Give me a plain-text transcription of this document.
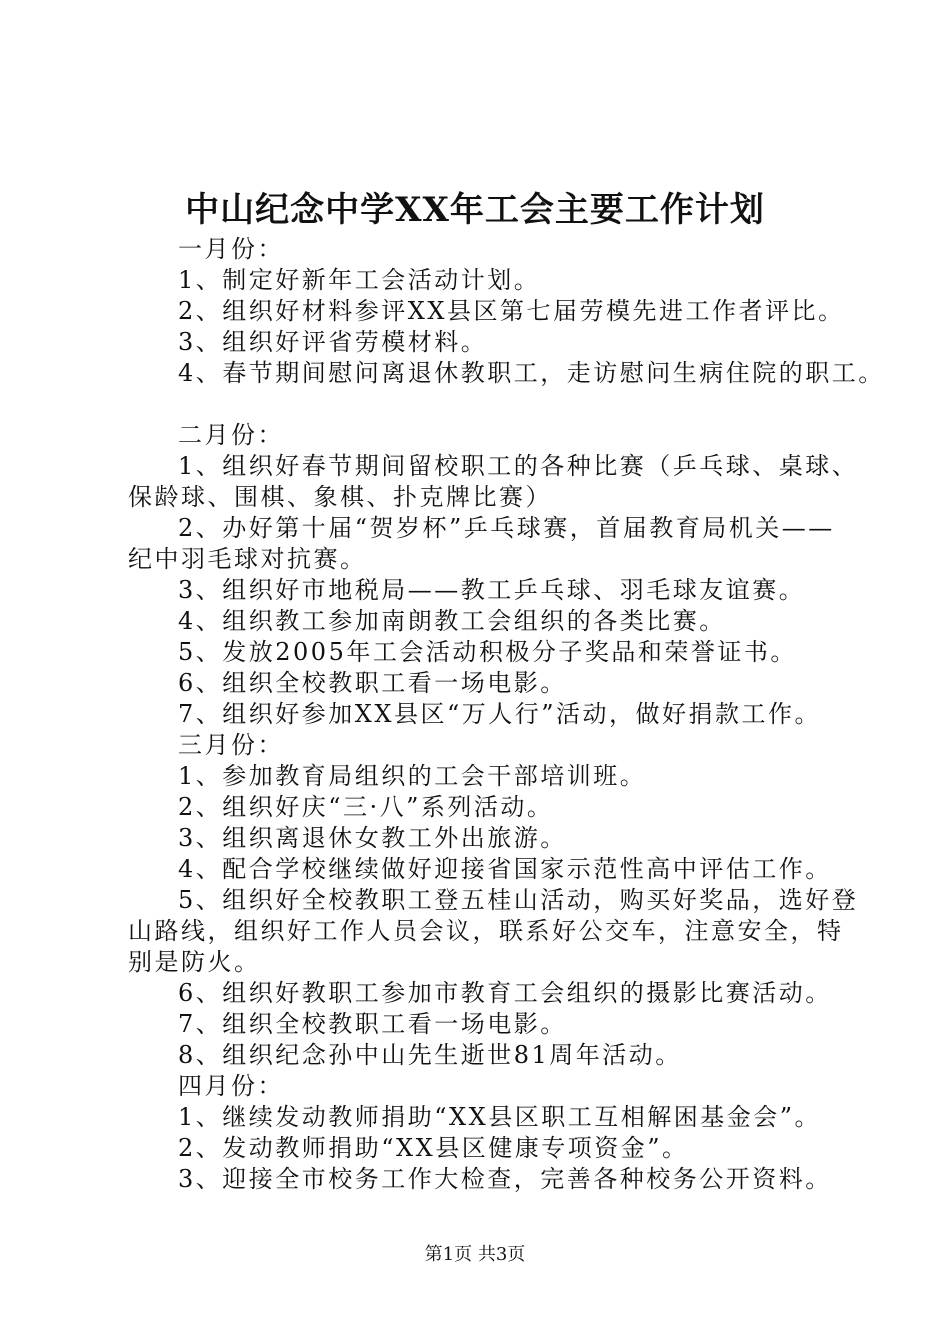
中山纪念中学XX年工会主要工作计划
一月份：
1、制定好新年工会活动计划。
2、组织好材料参评XX县区第七届劳模先进工作者评比。
3、组织好评省劳模材料。
4、春节期间慰问离退休教职工，走访慰问生病住院的职工。
二月份：
1、组织好春节期间留校职工的各种比赛（乒乓球、桌球、
保龄球、围棋、象棋、扑克牌比赛）
2、办好第十届“贺岁杯”乒乓球赛，首届教育局机关——
纪中羽毛球对抗赛。
3、组织好市地税局——教工乒乓球、羽毛球友谊赛。
4、组织教工参加南朗教工会组织的各类比赛。
5、发放2005年工会活动积极分子奖品和荣誉证书。
6、组织全校教职工看一场电影。
7、组织好参加XX县区“万人行”活动，做好捐款工作。
三月份：
1、参加教育局组织的工会干部培训班。
2、组织好庆“三·八”系列活动。
3、组织离退休女教工外出旅游。
4、配合学校继续做好迎接省国家示范性高中评估工作。
5、组织好全校教职工登五桂山活动，购买好奖品，选好登
山路线，组织好工作人员会议，联系好公交车，注意安全，特
别是防火。
6、组织好教职工参加市教育工会组织的摄影比赛活动。
7、组织全校教职工看一场电影。
8、组织纪念孙中山先生逝世81周年活动。
四月份：
1、继续发动教师捐助“XX县区职工互相解困基金会”。
2、发动教师捐助“XX县区健康专项资金”。
3、迎接全市校务工作大检查，完善各种校务公开资料。
第1页 共3页
